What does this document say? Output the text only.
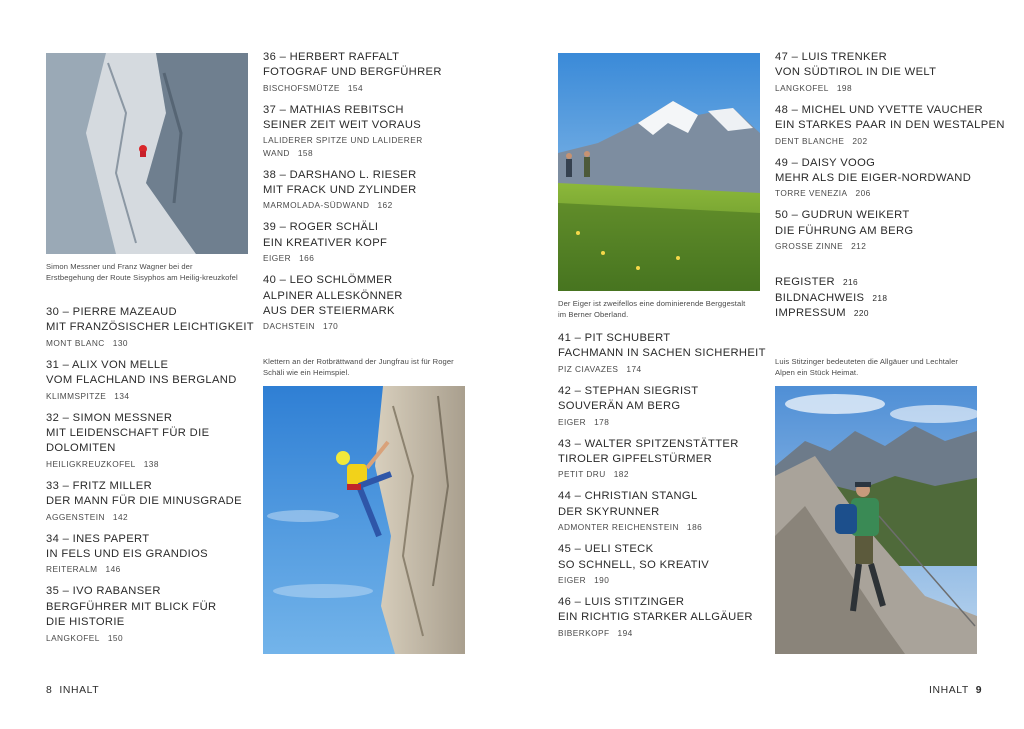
Simon Messner und Franz Wagner bei der Erstbegehung der Route Sisyphos am Heilig-kreuzkofel
30 – PIERRE MAZEAUD
MIT FRANZÖSISCHER LEICHTIGKEIT
MONT BLANC 130
31 – ALIX VON MELLE
VOM FLACHLAND INS BERGLAND
KLIMMSPITZE 134
32 – SIMON MESSNER
MIT LEIDENSCHAFT FÜR DIE
DOLOMITEN
HEILIGKREUZKOFEL 138
33 – FRITZ MILLER
DER MANN FÜR DIE MINUSGRADE
AGGENSTEIN 142
34 – INES PAPERT
IN FELS UND EIS GRANDIOS
REITERALM 146
35 – IVO RABANSER
BERGFÜHRER MIT BLICK FÜR
DIE HISTORIE
LANGKOFEL 150
36 – HERBERT RAFFALT
FOTOGRAF UND BERGFÜHRER
BISCHOFSMÜTZE 154
37 – MATHIAS REBITSCH
SEINER ZEIT WEIT VORAUS
LALIDERER SPITZE UND LALIDERER
WAND 158
38 – DARSHANO L. RIESER
MIT FRACK UND ZYLINDER
MARMOLADA-SÜDWAND 162
39 – ROGER SCHÄLI
EIN KREATIVER KOPF
EIGER 166
40 – LEO SCHLÖMMER
ALPINER ALLESKÖNNER
AUS DER STEIERMARK
DACHSTEIN 170
Klettern an der Rotbrättwand der Jungfrau ist für Roger Schäli wie ein Heimspiel.
8 INHALT
Der Eiger ist zweifellos eine dominierende Berggestalt im Berner Oberland.
41 – PIT SCHUBERT
FACHMANN IN SACHEN SICHERHEIT
PIZ CIAVAZES 174
42 – STEPHAN SIEGRIST
SOUVERÄN AM BERG
EIGER 178
43 – WALTER SPITZENSTÄTTER
TIROLER GIPFELSTÜRMER
PETIT DRU 182
44 – CHRISTIAN STANGL
DER SKYRUNNER
ADMONTER REICHENSTEIN 186
45 – UELI STECK
SO SCHNELL, SO KREATIV
EIGER 190
46 – LUIS STITZINGER
EIN RICHTIG STARKER ALLGÄUER
BIBERKOPF 194
47 – LUIS TRENKER
VON SÜDTIROL IN DIE WELT
LANGKOFEL 198
48 – MICHEL UND YVETTE VAUCHER
EIN STARKES PAAR IN DEN WESTALPEN
DENT BLANCHE 202
49 – DAISY VOOG
MEHR ALS DIE EIGER-NORDWAND
TORRE VENEZIA 206
50 – GUDRUN WEIKERT
DIE FÜHRUNG AM BERG
GROSSE ZINNE 212
REGISTER 216
BILDNACHWEIS 218
IMPRESSUM 220
Luis Stitzinger bedeuteten die Allgäuer und Lechtaler Alpen ein Stück Heimat.
INHALT 9
